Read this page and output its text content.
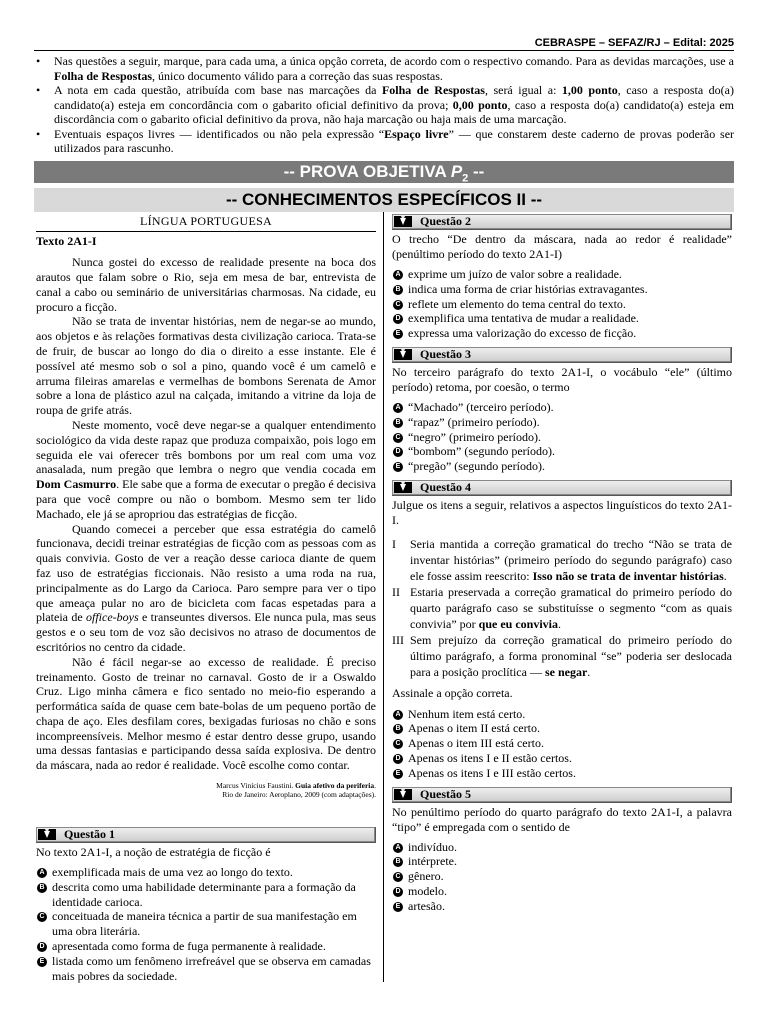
CEBRASPE – SEFAZ/RJ – Edital: 2025
• Nas questões a seguir, marque, para cada uma, a única opção correta, de acordo com o respectivo comando. Para as devidas marcações, use a Folha de Respostas, único documento válido para a correção das suas respostas.
• A nota em cada questão, atribuída com base nas marcações da Folha de Respostas, será igual a: 1,00 ponto, caso a resposta do(a) candidato(a) esteja em concordância com o gabarito oficial definitivo da prova; 0,00 ponto, caso a resposta do(a) candidato(a) esteja em discordância com o gabarito oficial definitivo da prova, não haja marcação ou haja mais de uma marcação.
• Eventuais espaços livres — identificados ou não pela expressão “Espaço livre” — que constarem deste caderno de provas poderão ser utilizados para rascunho.
-- PROVA OBJETIVA $P_2$ --
-- CONHECIMENTOS ESPECÍFICOS II --
LÍNGUA PORTUGUESA
Texto 2A1-I

Nunca gostei do excesso de realidade presente na boca dos arautos que falam sobre o Rio, seja em mesa de bar, entrevista de canal a cabo ou seminário de universitárias charmosas. Na cidade, eu procuro a ficção.

Não se trata de inventar histórias, nem de negar-se ao mundo, aos objetos e às relações formativas desta civilização carioca. Trata-se de fruir, de buscar ao longo do dia o direito a esse instante. Ele é possível até mesmo sob o sol a pino, quando você é um camelô e arruma fileiras amarelas e vermelhas de bombons Serenata de Amor sobre a lona de plástico azul na calçada, imitando a vitrine da loja de roupa de grife atrás.

Neste momento, você deve negar-se a qualquer entendimento sociológico da vida deste rapaz que produza compaixão, pois logo em seguida ele vai oferecer três bombons por um real com uma voz anasalada, num pregão que lembra o negro que vendia cocada em Dom Casmurro. Ele sabe que a forma de executar o pregão é decisiva para que você compre ou não o bombom. Mesmo sem ter lido Machado, ele já se apropriou das estratégias de ficção.

Quando comecei a perceber que essa estratégia do camelô funcionava, decidi treinar estratégias de ficção com as pessoas com as quais convivia. Gosto de ver a reação desse carioca diante de quem faz uso de estratégias ficcionais. Não resisto a uma roda na rua, principalmente as do Largo da Carioca. Paro sempre para ver o tipo que ameaça pular no aro de bicicleta com facas espetadas para a plateia de office-boys e transeuntes diversos. Ele nunca pula, mas seus gestos e o seu tom de voz são decisivos no atraso de documentos de escritórios no centro da cidade.

Não é fácil negar-se ao excesso de realidade. É preciso treinamento. Gosto de treinar no carnaval. Gosto de ir a Oswaldo Cruz. Ligo minha câmera e fico sentado no meio-fio esperando a performática saída de quase cem bate-bolas de um pequeno portão de chapa de aço. Eles desfilam cores, bexigadas furiosas no chão e sons incompreensíveis. Melhor mesmo é estar dentro desse grupo, usando uma dessas fantasias e participando dessa saída explosiva. De dentro da máscara, nada ao redor é realidade. Você escolhe como contar.

Marcus Vinícius Faustini. Guia afetivo da periferia.
Rio de Janeiro: Aeroplano, 2009 (com adaptações).
Questão 1
No texto 2A1-I, a noção de estratégia de ficção é
A exemplificada mais de uma vez ao longo do texto.
B descrita como uma habilidade determinante para a formação da identidade carioca.
C conceituada de maneira técnica a partir de sua manifestação em uma obra literária.
D apresentada como forma de fuga permanente à realidade.
E listada como um fenômeno irrefreável que se observa em camadas mais pobres da sociedade.
Questão 2
O trecho “De dentro da máscara, nada ao redor é realidade” (penúltimo período do texto 2A1-I)
A exprime um juízo de valor sobre a realidade.
B indica uma forma de criar histórias extravagantes.
C reflete um elemento do tema central do texto.
D exemplifica uma tentativa de mudar a realidade.
E expressa uma valorização do excesso de ficção.
Questão 3
No terceiro parágrafo do texto 2A1-I, o vocábulo “ele” (último período) retoma, por coesão, o termo
A “Machado” (terceiro período).
B “rapaz” (primeiro período).
C “negro” (primeiro período).
D “bombom” (segundo período).
E “pregão” (segundo período).
Questão 4
Julgue os itens a seguir, relativos a aspectos linguísticos do texto 2A1-I.
I Seria mantida a correção gramatical do trecho “Não se trata de inventar histórias” (primeiro período do segundo parágrafo) caso ele fosse assim reescrito: Isso não se trata de inventar histórias.
II Estaria preservada a correção gramatical do primeiro período do quarto parágrafo caso se substituísse o segmento “com as quais convivia” por que eu convivia.
III Sem prejuízo da correção gramatical do primeiro período do último parágrafo, a forma pronominal “se” poderia ser deslocada para a posição proclítica — se negar.
Assinale a opção correta.
A Nenhum item está certo.
B Apenas o item II está certo.
C Apenas o item III está certo.
D Apenas os itens I e II estão certos.
E Apenas os itens I e III estão certos.
Questão 5
No penúltimo período do quarto parágrafo do texto 2A1-I, a palavra “tipo” é empregada com o sentido de
A indivíduo.
B intérprete.
C gênero.
D modelo.
E artesão.
